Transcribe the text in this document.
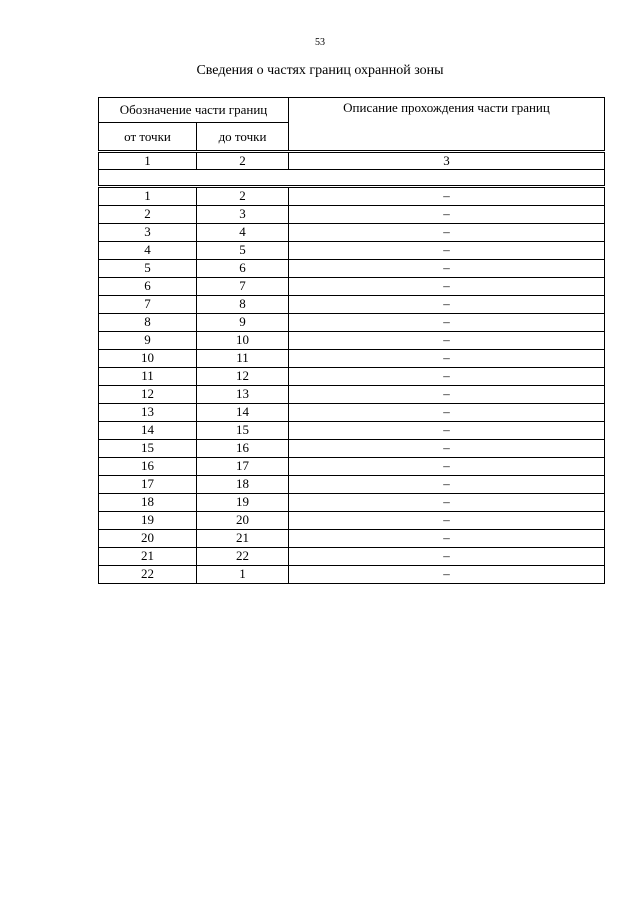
53
Сведения о частях границ охранной зоны
Обозначение части границ		Описание прохождения части границ
от точки	до точки	

1	2	3

1	2	–
2	3	–
3	4	–
4	5	–
5	6	–
6	7	–
7	8	–
8	9	–
9	10	–
10	11	–
11	12	–
12	13	–
13	14	–
14	15	–
15	16	–
16	17	–
17	18	–
18	19	–
19	20	–
20	21	–
21	22	–
22	1	–
